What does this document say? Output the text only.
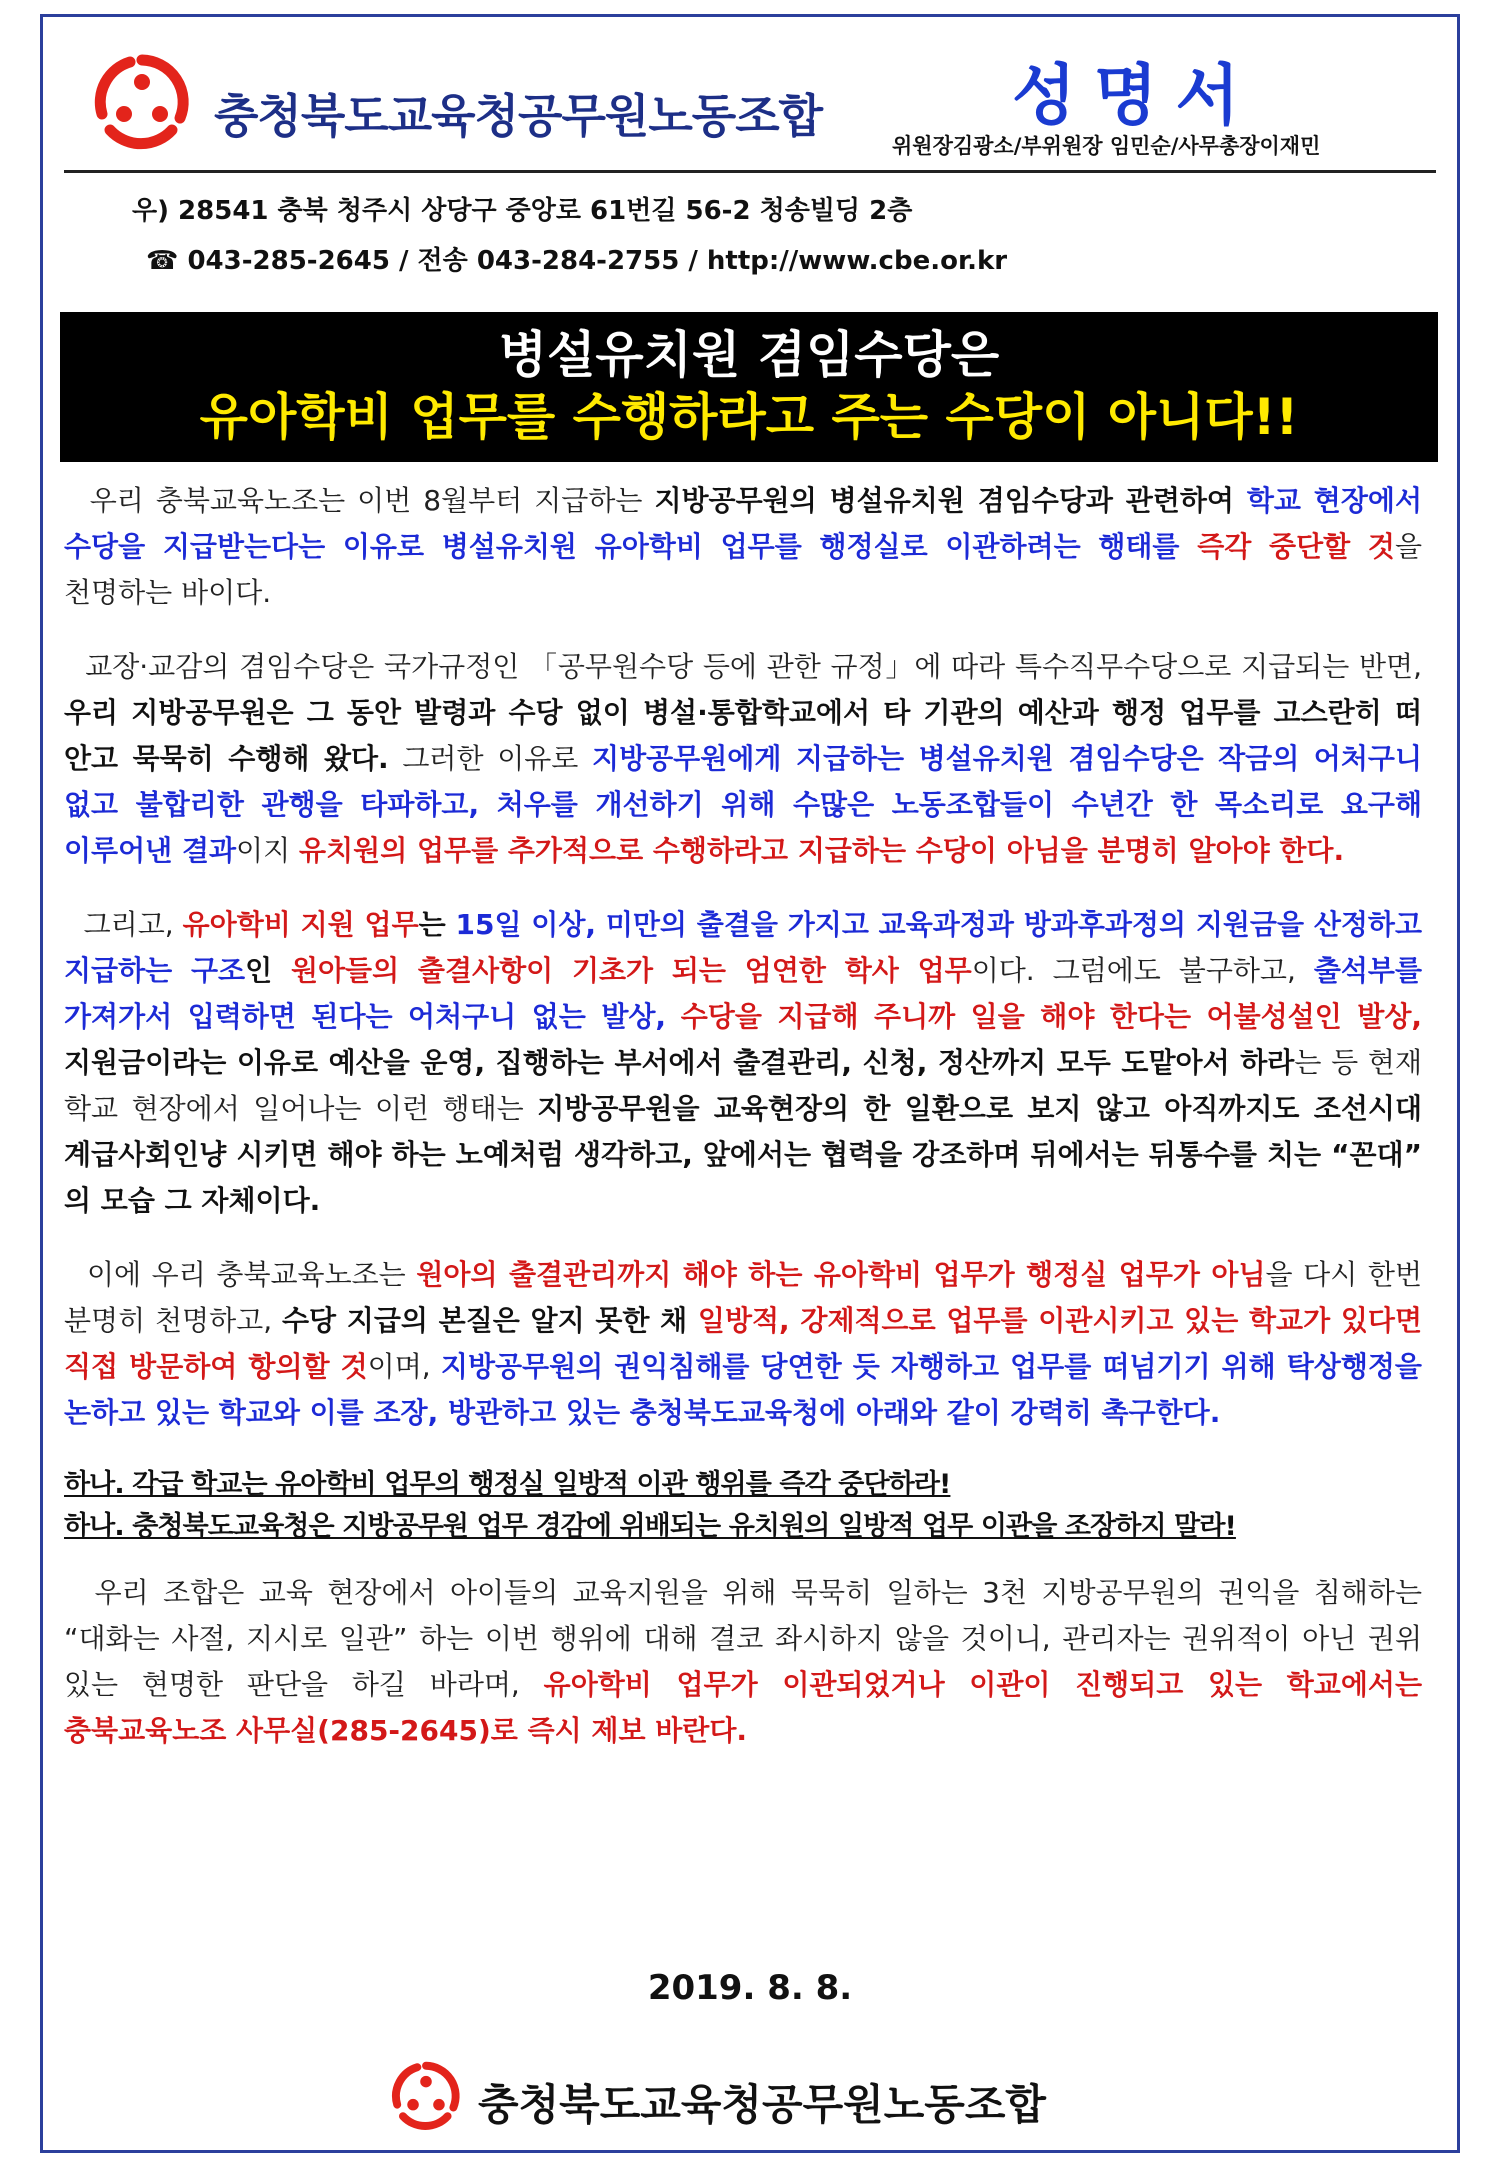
충청북도교육청공무원노동조합	성명서
위원장김광소/부위원장 임민순/사무총장이재민
우) 28541 충북 청주시 상당구 중앙로 61번길 56-2 청송빌딩 2층
☎ 043-285-2645 / 전송 043-284-2755 / http://www.cbe.or.kr
병설유치원 겸임수당은
유아학비 업무를 수행하라고 주는 수당이 아니다!!

우리 충북교육노조는 이번 8월부터 지급하는 지방공무원의 병설유치원 겸임수당과 관련하여 학교 현장에서 수당을 지급받는다는 이유로 병설유치원 유아학비 업무를 행정실로 이관하려는 행태를 즉각 중단할 것을 천명하는 바이다.

교장·교감의 겸임수당은 국가규정인 「공무원수당 등에 관한 규정」에 따라 특수직무수당으로 지급되는 반면, 우리 지방공무원은 그 동안 발령과 수당 없이 병설·통합학교에서 타 기관의 예산과 행정 업무를 고스란히 떠 안고 묵묵히 수행해 왔다. 그러한 이유로 지방공무원에게 지급하는 병설유치원 겸임수당은 작금의 어처구니 없고 불합리한 관행을 타파하고, 처우를 개선하기 위해 수많은 노동조합들이 수년간 한 목소리로 요구해 이루어낸 결과이지 유치원의 업무를 추가적으로 수행하라고 지급하는 수당이 아님을 분명히 알아야 한다.

그리고, 유아학비 지원 업무는 15일 이상, 미만의 출결을 가지고 교육과정과 방과후과정의 지원금을 산정하고 지급하는 구조인 원아들의 출결사항이 기초가 되는 엄연한 학사 업무이다. 그럼에도 불구하고, 출석부를 가져가서 입력하면 된다는 어처구니 없는 발상, 수당을 지급해 주니까 일을 해야 한다는 어불성설인 발상, 지원금이라는 이유로 예산을 운영, 집행하는 부서에서 출결관리, 신청, 정산까지 모두 도맡아서 하라는 등 현재 학교 현장에서 일어나는 이런 행태는 지방공무원을 교육현장의 한 일환으로 보지 않고 아직까지도 조선시대 계급사회인냥 시키면 해야 하는 노예처럼 생각하고, 앞에서는 협력을 강조하며 뒤에서는 뒤통수를 치는 “꼰대” 의 모습 그 자체이다.

이에 우리 충북교육노조는 원아의 출결관리까지 해야 하는 유아학비 업무가 행정실 업무가 아님을 다시 한번 분명히 천명하고, 수당 지급의 본질은 알지 못한 채 일방적, 강제적으로 업무를 이관시키고 있는 학교가 있다면 직접 방문하여 항의할 것이며, 지방공무원의 권익침해를 당연한 듯 자행하고 업무를 떠넘기기 위해 탁상행정을 논하고 있는 학교와 이를 조장, 방관하고 있는 충청북도교육청에 아래와 같이 강력히 촉구한다.

하나. 각급 학교는 유아학비 업무의 행정실 일방적 이관 행위를 즉각 중단하라!

하나. 충청북도교육청은 지방공무원 업무 경감에 위배되는 유치원의 일방적 업무 이관을 조장하지 말라!

우리 조합은 교육 현장에서 아이들의 교육지원을 위해 묵묵히 일하는 3천 지방공무원의 권익을 침해하는 “대화는 사절, 지시로 일관” 하는 이번 행위에 대해 결코 좌시하지 않을 것이니, 관리자는 권위적이 아닌 권위 있는 현명한 판단을 하길 바라며, 유아학비 업무가 이관되었거나 이관이 진행되고 있는 학교에서는 충북교육노조 사무실(285-2645)로 즉시 제보 바란다.

2019. 8. 8.
충청북도교육청공무원노동조합
